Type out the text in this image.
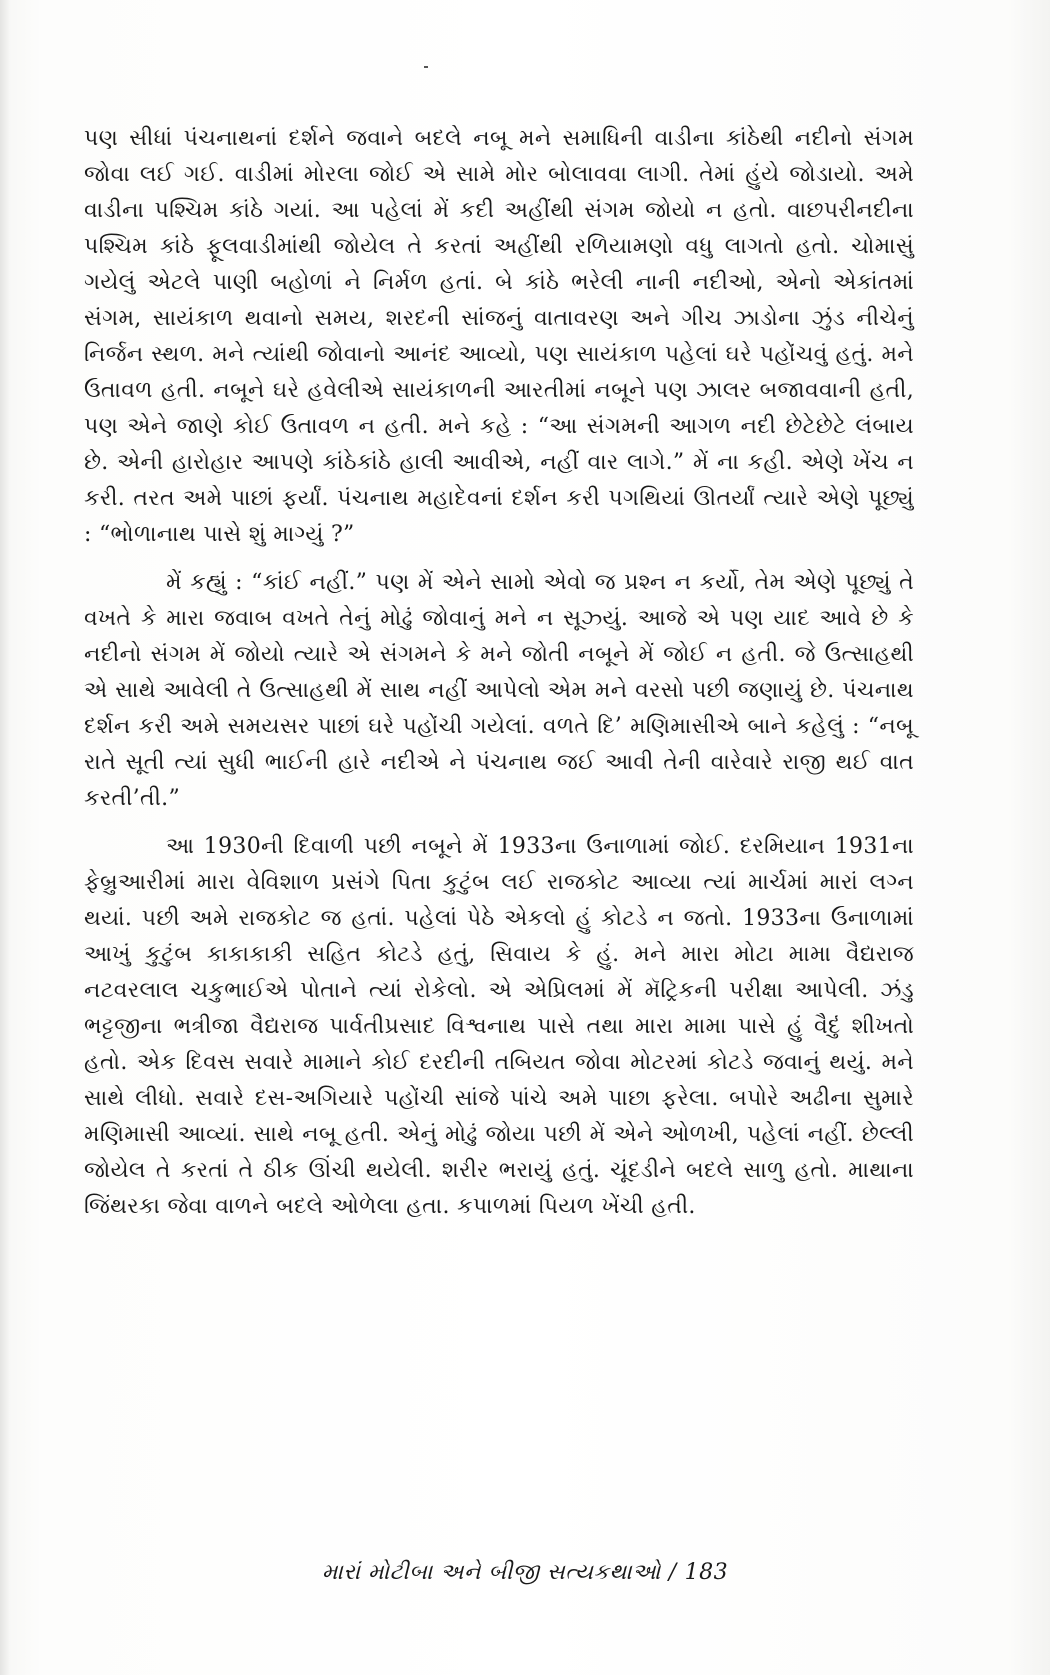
પણ સીધાં પંચનાથનાં દર્શને જવાને બદલે નબૂ મને સમાધિની વાડીના કાંઠેથી નદીનો સંગમ જોવા લઈ ગઈ. વાડીમાં મોરલા જોઈ એ સામે મોર બોલાવવા લાગી. તેમાં હુંયે જોડાયો. અમે વાડીના પશ્ચિમ કાંઠે ગયાં. આ પહેલાં મેં કદી અહીંથી સંગમ જોયો ન હતો. વાછપરીનદીના પશ્ચિમ કાંઠે ફૂલવાડીમાંથી જોયેલ તે કરતાં અહીંથી રળિયામણો વધુ લાગતો હતો. ચોમાસું ગયેલું એટલે પાણી બહોળાં ને નિર્મળ હતાં. બે કાંઠે ભરેલી નાની નદીઓ, એનો એકાંતમાં સંગમ, સાયંકાળ થવાનો સમય, શરદની સાંજનું વાતાવરણ અને ગીચ ઝાડોના ઝુંડ નીચેનું નિર્જન સ્થળ. મને ત્યાંથી જોવાનો આનંદ આવ્યો, પણ સાયંકાળ પહેલાં ઘરે પહોંચવું હતું. મને ઉતાવળ હતી. નબૂને ઘરે હવેલીએ સાયંકાળની આરતીમાં નબૂને પણ ઝાલર બજાવવાની હતી, પણ એને જાણે કોઈ ઉતાવળ ન હતી. મને કહે : “આ સંગમની આગળ નદી છેટેછેટે લંબાય છે. એની હારોહાર આપણે કાંઠેકાંઠે હાલી આવીએ, નહીં વાર લાગે.” મેં ના કહી. એણે ખેંચ ન કરી. તરત અમે પાછાં ફર્યાં. પંચનાથ મહાદેવનાં દર્શન કરી પગથિયાં ઊતર્યાં ત્યારે એણે પૂછ્યું : “ભોળાનાથ પાસે શું માગ્યું ?”

મેં કહ્યું : “કાંઈ નહીં.” પણ મેં એને સામો એવો જ પ્રશ્ન ન કર્યો, તેમ એણે પૂછ્યું તે વખતે કે મારા જવાબ વખતે તેનું મોઢું જોવાનું મને ન સૂઝ્યું. આજે એ પણ યાદ આવે છે કે નદીનો સંગમ મેં જોયો ત્યારે એ સંગમને કે મને જોતી નબૂને મેં જોઈ ન હતી. જે ઉત્સાહથી એ સાથે આવેલી તે ઉત્સાહથી મેં સાથ નહીં આપેલો એમ મને વરસો પછી જણાયું છે. પંચનાથ દર્શન કરી અમે સમયસર પાછાં ઘરે પહોંચી ગયેલાં. વળતે દિ’ મણિમાસીએ બાને કહેલું : “નબૂ રાતે સૂતી ત્યાં સુધી ભાઈની હારે નદીએ ને પંચનાથ જઈ આવી તેની વારેવારે રાજી થઈ વાત કરતી’તી.”

આ 1930ની દિવાળી પછી નબૂને મેં 1933ના ઉનાળામાં જોઈ. દરમિયાન 1931ના ફેબ્રુઆરીમાં મારા વેવિશાળ પ્રસંગે પિતા કુટુંબ લઈ રાજકોટ આવ્યા ત્યાં માર્ચમાં મારાં લગ્ન થયાં. પછી અમે રાજકોટ જ હતાં. પહેલાં પેઠે એકલો હું કોટડે ન જતો. 1933ના ઉનાળામાં આખું કુટુંબ કાકાકાકી સહિત કોટડે હતું, સિવાય કે હું. મને મારા મોટા મામા વૈદ્યરાજ નટવરલાલ ચકુભાઈએ પોતાને ત્યાં રોકેલો. એ એપ્રિલમાં મેં મૅટ્રિકની પરીક્ષા આપેલી. ઝંડુ ભટ્ટજીના ભત્રીજા વૈદ્યરાજ પાર્વતીપ્રસાદ વિશ્વનાથ પાસે તથા મારા મામા પાસે હું વૈદું શીખતો હતો. એક દિવસ સવારે મામાને કોઈ દરદીની તબિયત જોવા મોટરમાં કોટડે જવાનું થયું. મને સાથે લીધો. સવારે દસ-અગિયારે પહોંચી સાંજે પાંચે અમે પાછા ફરેલા. બપોરે અઢીના સુમારે મણિમાસી આવ્યાં. સાથે નબૂ હતી. એનું મોઢું જોયા પછી મેં એને ઓળખી, પહેલાં નહીં. છેલ્લી જોયેલ તે કરતાં તે ઠીક ઊંચી થયેલી. શરીર ભરાયું હતું. ચૂંદડીને બદલે સાળુ હતો. માથાના જિંથરકા જેવા વાળને બદલે ઓળેલા હતા. કપાળમાં પિયળ ખેંચી હતી.

મારાં મોટીબા અને બીજી સત્યકથાઓ / 183
